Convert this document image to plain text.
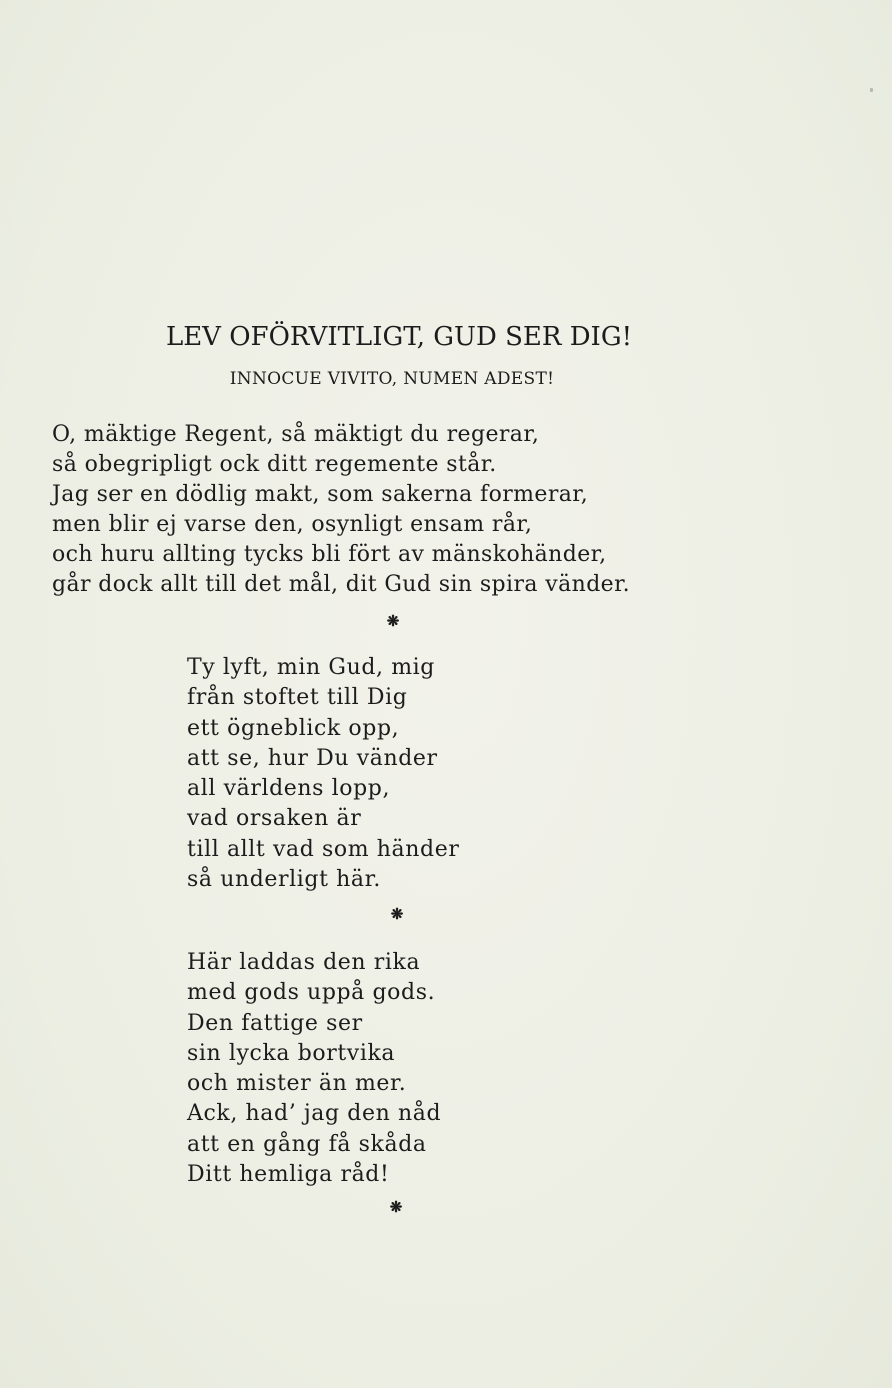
LEV OFÖRVITLIGT, GUD SER DIG!
INNOCUE VIVITO, NUMEN ADEST!
O, mäktige Regent, så mäktigt du regerar,
så obegripligt ock ditt regemente står.
Jag ser en dödlig makt, som sakerna formerar,
men blir ej varse den, osynligt ensam rår,
och huru allting tycks bli fört av mänskohänder,
går dock allt till det mål, dit Gud sin spira vänder.
❋
Ty lyft, min Gud, mig
från stoftet till Dig
ett ögneblick opp,
att se, hur Du vänder
all världens lopp,
vad orsaken är
till allt vad som händer
så underligt här.
❋
Här laddas den rika
med gods uppå gods.
Den fattige ser
sin lycka bortvika
och mister än mer.
Ack, had’ jag den nåd
att en gång få skåda
Ditt hemliga råd!
❋
